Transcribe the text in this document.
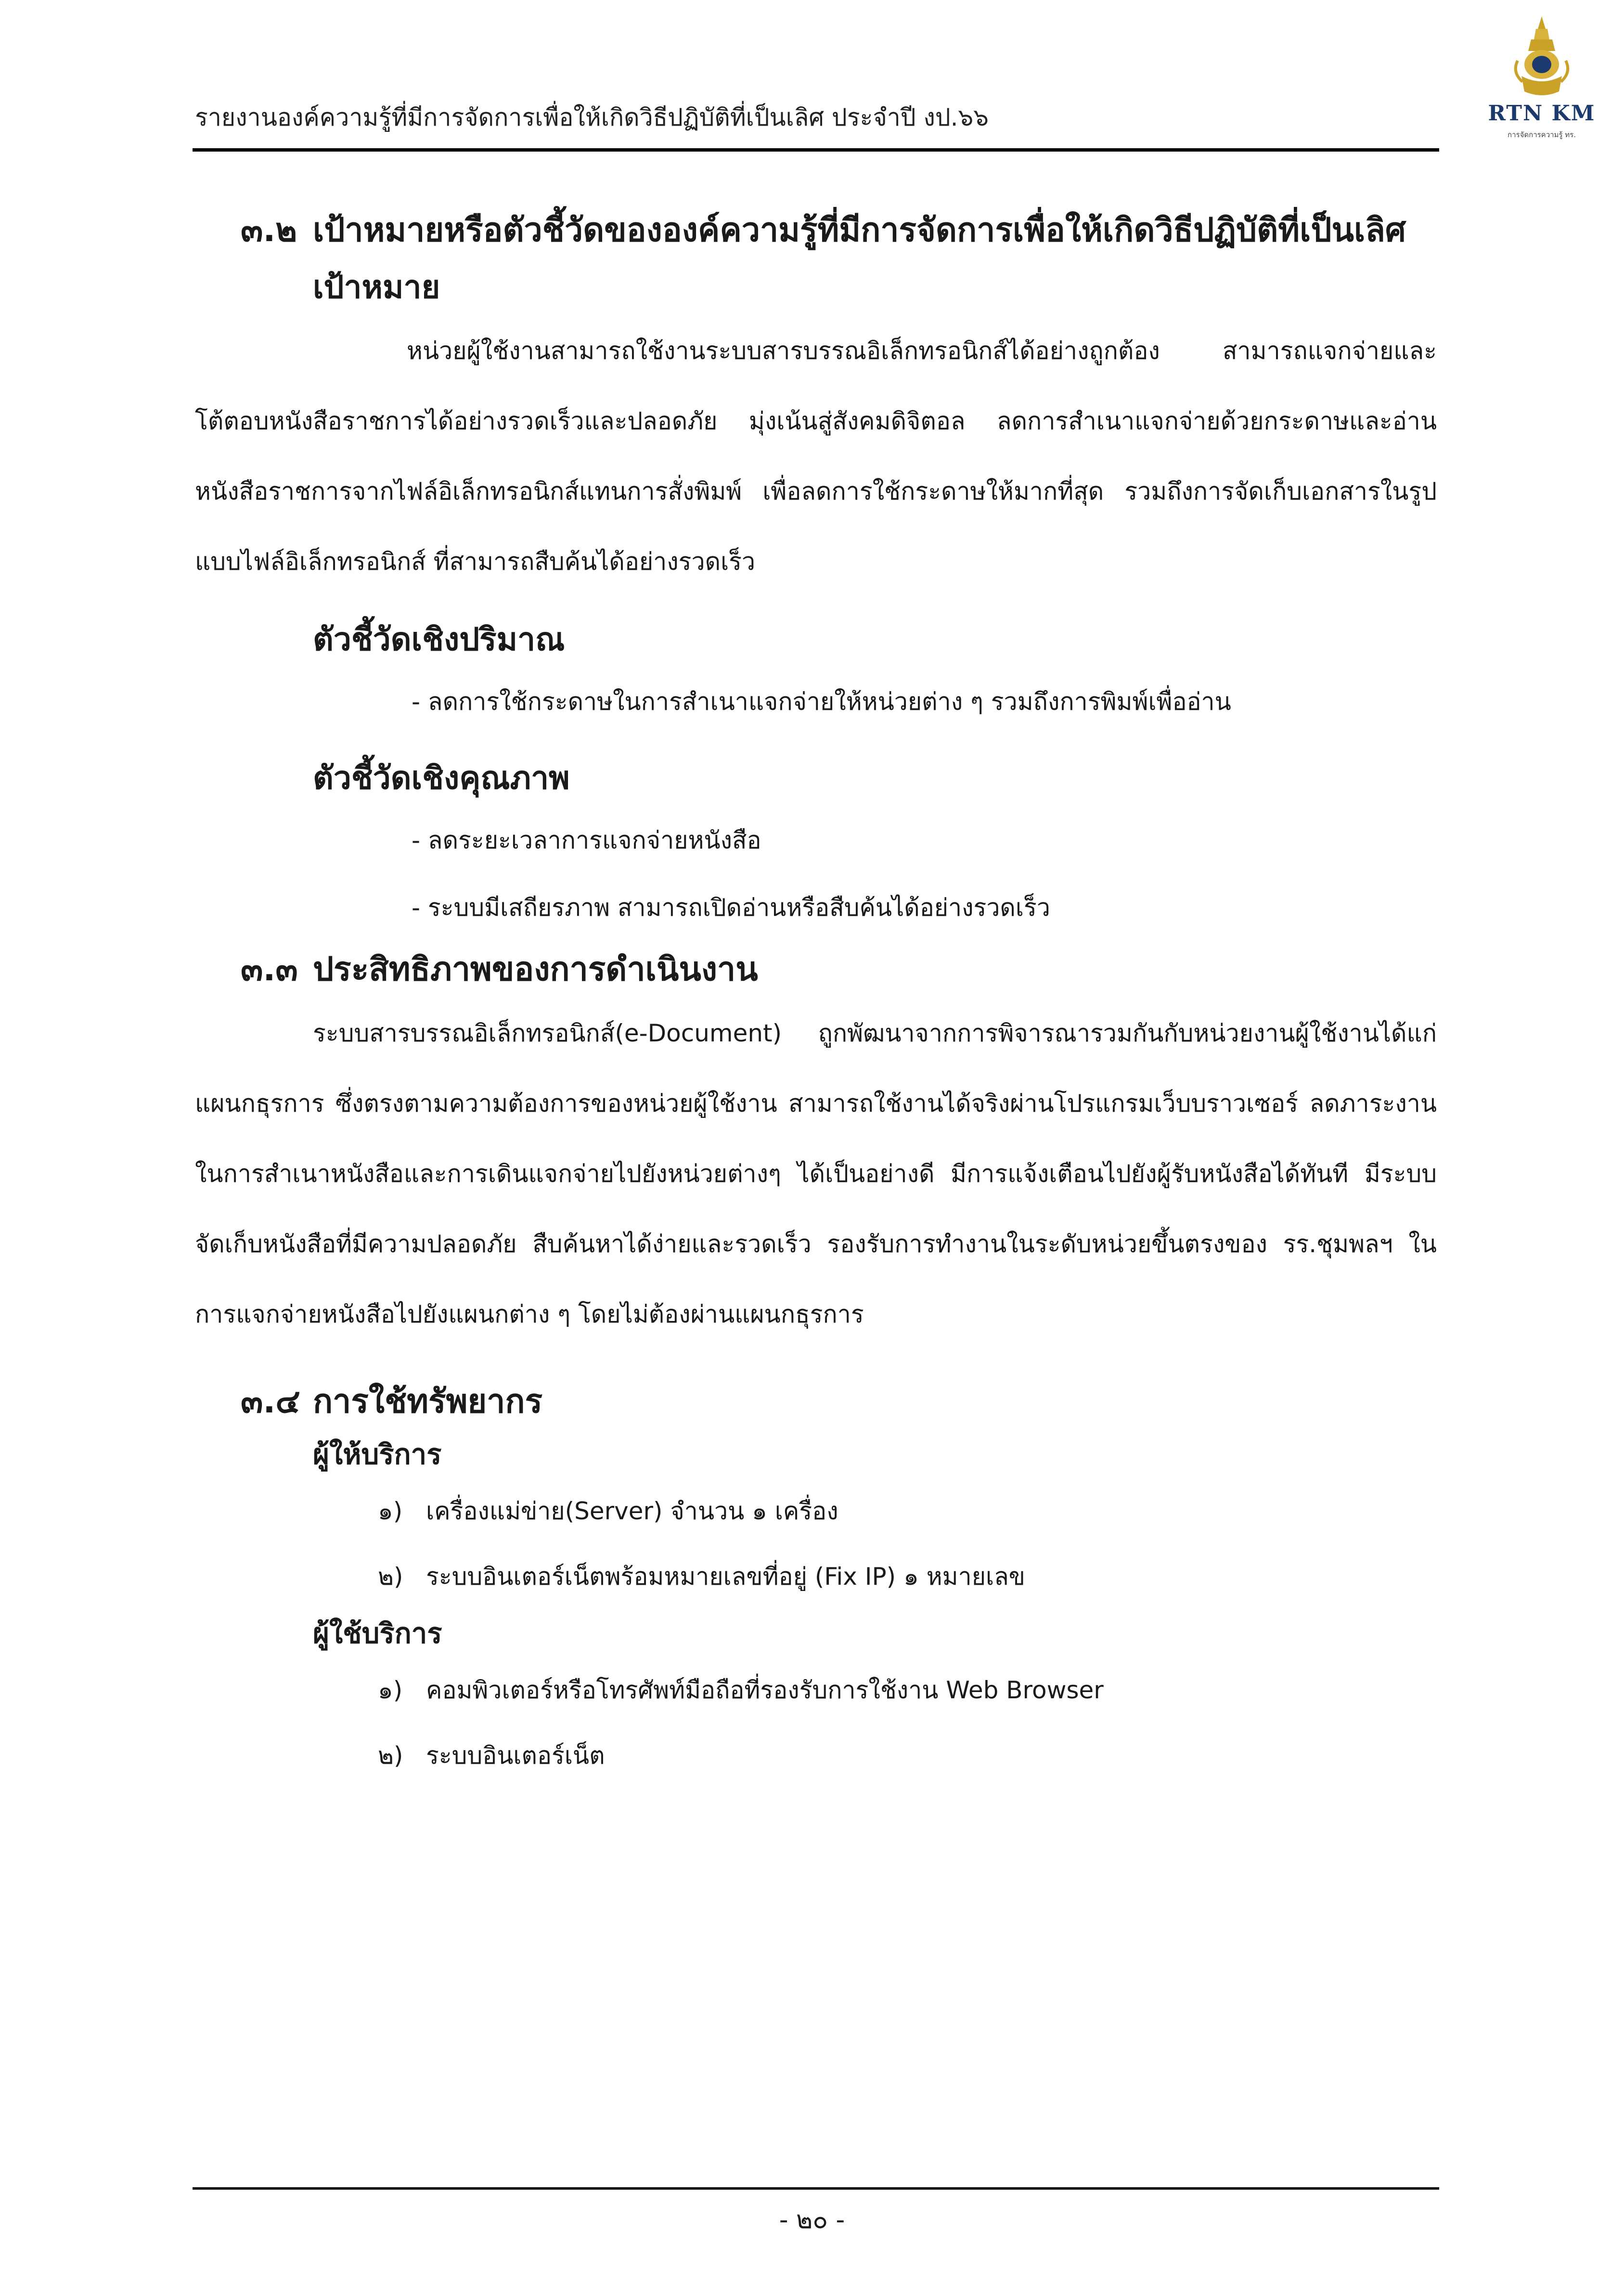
รายงานองค์ความรู้ที่มีการจัดการเพื่อให้เกิดวิธีปฏิบัติที่เป็นเลิศ ประจำปี งป.๖๖	RTN KM
การจัดการความรู้ ทร.
๓.๒ เป้าหมายหรือตัวชี้วัดขององค์ความรู้ที่มีการจัดการเพื่อให้เกิดวิธีปฏิบัติที่เป็นเลิศ
เป้าหมาย
หน่วยผู้ใช้งานสามารถใช้งานระบบสารบรรณอิเล็กทรอนิกส์ได้อย่างถูกต้อง สามารถแจกจ่ายและโต้ตอบหนังสือราชการได้อย่างรวดเร็วและปลอดภัย มุ่งเน้นสู่สังคมดิจิตอล ลดการสำเนาแจกจ่ายด้วยกระดาษและอ่านหนังสือราชการจากไฟล์อิเล็กทรอนิกส์แทนการสั่งพิมพ์ เพื่อลดการใช้กระดาษให้มากที่สุด รวมถึงการจัดเก็บเอกสารในรูปแบบไฟล์อิเล็กทรอนิกส์ ที่สามารถสืบค้นได้อย่างรวดเร็ว
ตัวชี้วัดเชิงปริมาณ
- ลดการใช้กระดาษในการสำเนาแจกจ่ายให้หน่วยต่าง ๆ รวมถึงการพิมพ์เพื่ออ่าน
ตัวชี้วัดเชิงคุณภาพ
- ลดระยะเวลาการแจกจ่ายหนังสือ
- ระบบมีเสถียรภาพ สามารถเปิดอ่านหรือสืบค้นได้อย่างรวดเร็ว
๓.๓ ประสิทธิภาพของการดำเนินงาน
ระบบสารบรรณอิเล็กทรอนิกส์(e-Document) ถูกพัฒนาจากการพิจารณารวมกันกับหน่วยงานผู้ใช้งานได้แก่ แผนกธุรการ ซึ่งตรงตามความต้องการของหน่วยผู้ใช้งาน สามารถใช้งานได้จริงผ่านโปรแกรมเว็บบราวเซอร์ ลดภาระงานในการสำเนาหนังสือและการเดินแจกจ่ายไปยังหน่วยต่างๆ ได้เป็นอย่างดี มีการแจ้งเตือนไปยังผู้รับหนังสือได้ทันที มีระบบจัดเก็บหนังสือที่มีความปลอดภัย สืบค้นหาได้ง่ายและรวดเร็ว รองรับการทำงานในระดับหน่วยขึ้นตรงของ รร.ชุมพลฯ ในการแจกจ่ายหนังสือไปยังแผนกต่าง ๆ โดยไม่ต้องผ่านแผนกธุรการ
๓.๔ การใช้ทรัพยากร
ผู้ให้บริการ
๑) เครื่องแม่ข่าย(Server) จำนวน ๑ เครื่อง
๒) ระบบอินเตอร์เน็ตพร้อมหมายเลขที่อยู่ (Fix IP) ๑ หมายเลข
ผู้ใช้บริการ
๑) คอมพิวเตอร์หรือโทรศัพท์มือถือที่รองรับการใช้งาน Web Browser
๒) ระบบอินเตอร์เน็ต
- ๒๐ -
